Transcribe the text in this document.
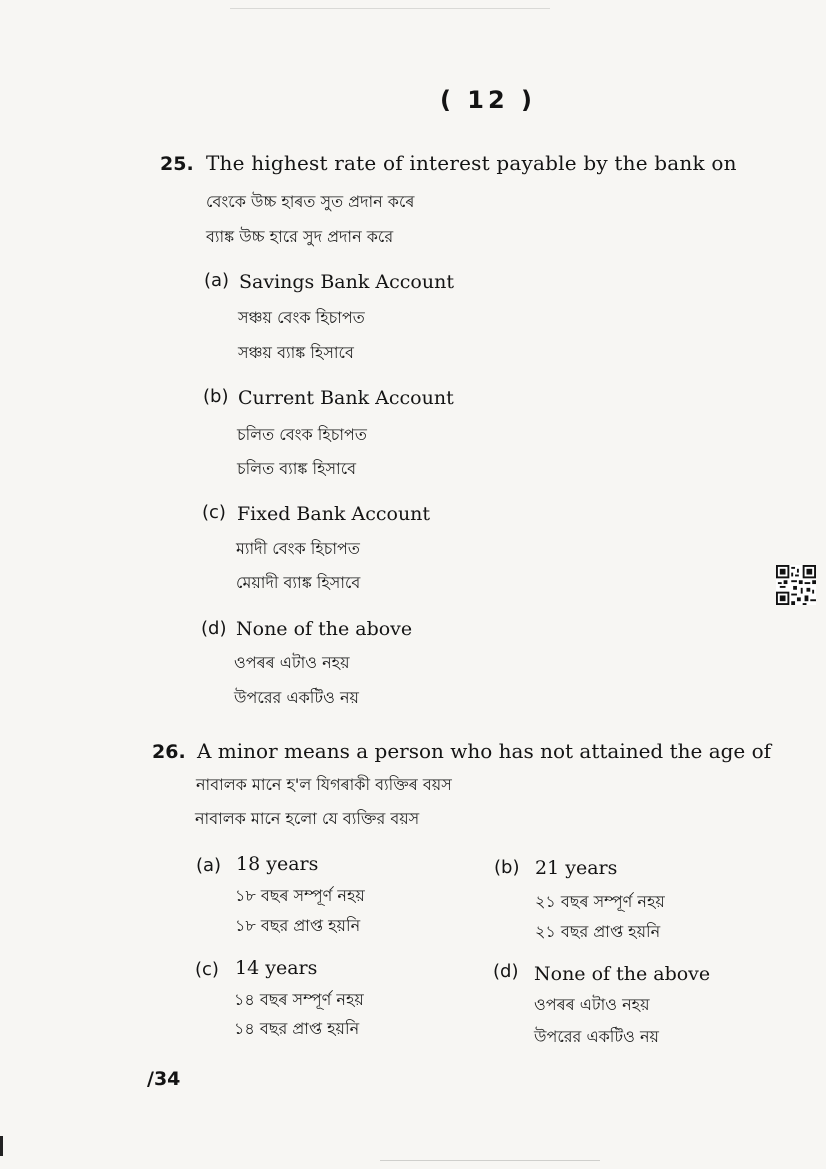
( 12 )
25. The highest rate of interest payable by the bank on
বেংকে উচ্চ হাৰত সুত প্ৰদান কৰে
ব্যাঙ্ক উচ্চ হারে সুদ প্রদান করে
(a) Savings Bank Account
সঞ্চয় বেংক হিচাপত
সঞ্চয় ব্যাঙ্ক হিসাবে
(b) Current Bank Account
চলিত বেংক হিচাপত
চলিত ব্যাঙ্ক হিসাবে
(c) Fixed Bank Account
ম্যাদী বেংক হিচাপত
মেয়াদী ব্যাঙ্ক হিসাবে
(d) None of the above
ওপৰৰ এটাও নহয়
উপরের একটিও নয়
26. A minor means a person who has not attained the age of
নাবালক মানে হ'ল যিগৰাকী ব্যক্তিৰ বয়স
নাবালক মানে হলো যে ব্যক্তির বয়স
(a) 18 years
১৮ বছৰ সম্পূৰ্ণ নহয়
১৮ বছর প্রাপ্ত হয়নি
(b) 21 years
২১ বছৰ সম্পূৰ্ণ নহয়
২১ বছর প্রাপ্ত হয়নি
(c) 14 years
১৪ বছৰ সম্পূৰ্ণ নহয়
১৪ বছর প্রাপ্ত হয়নি
(d) None of the above
ওপৰৰ এটাও নহয়
উপরের একটিও নয়
/34
